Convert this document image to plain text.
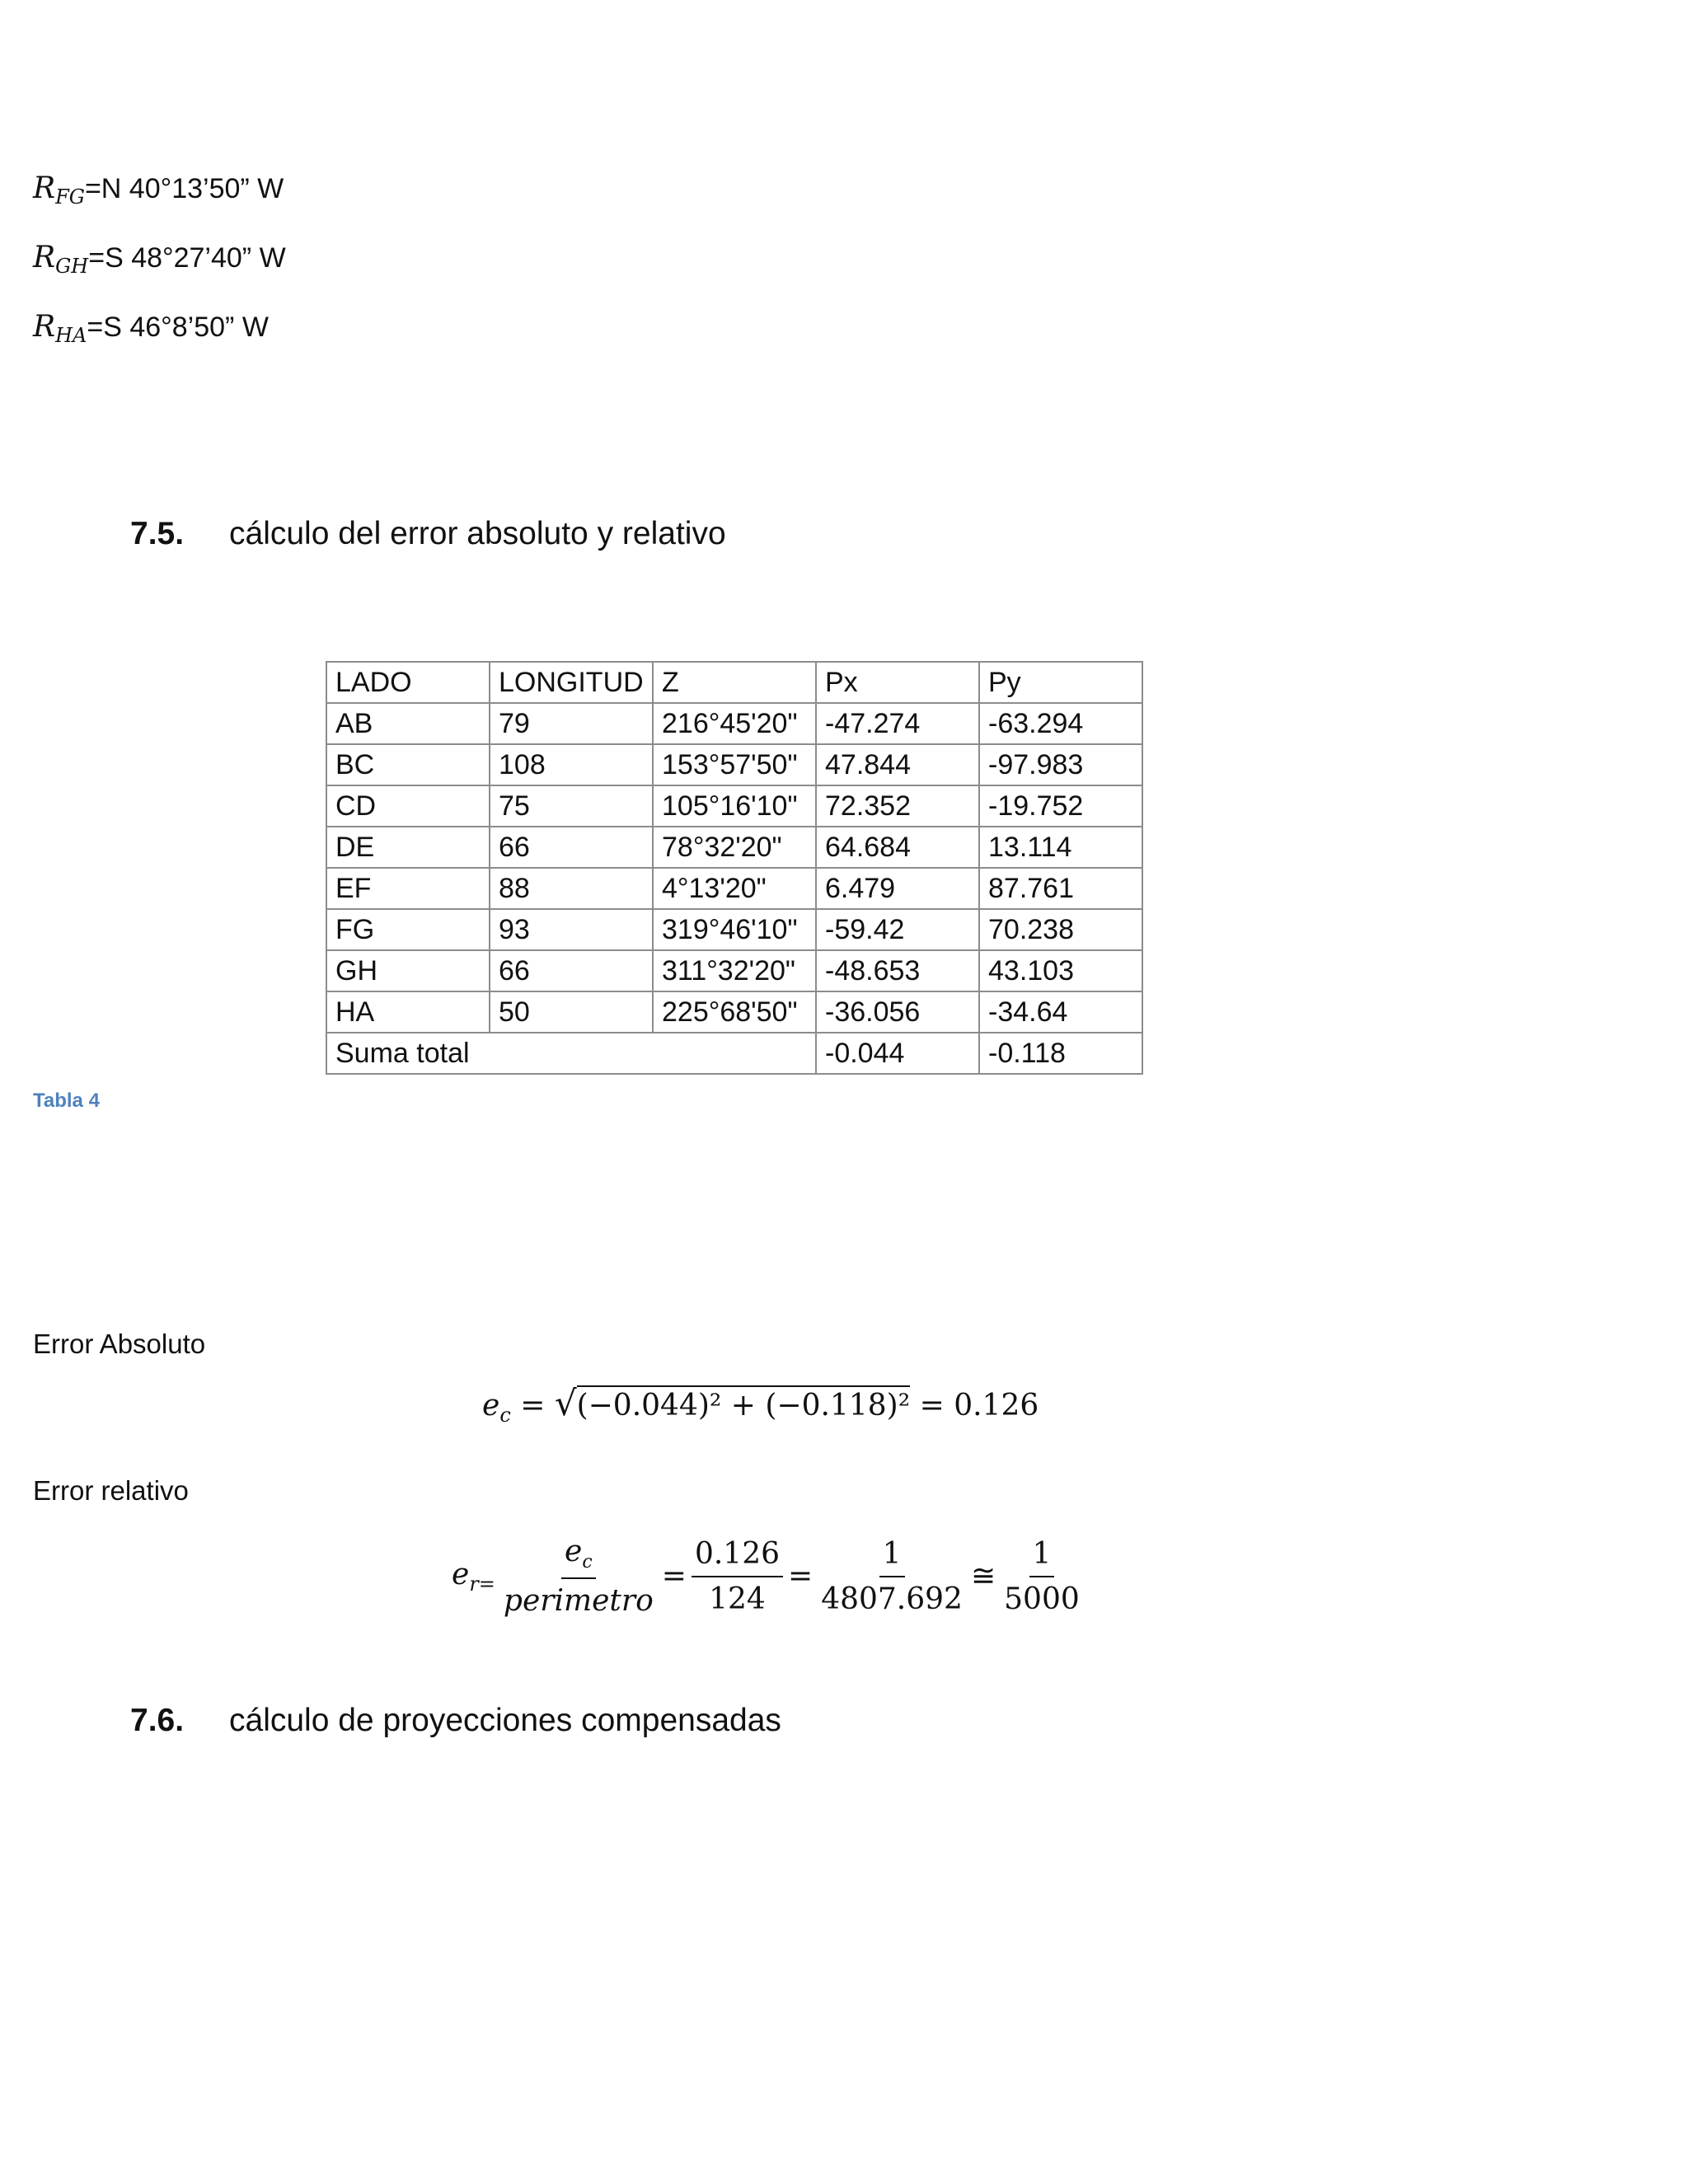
$R_{FG}=N$ 40°13’50” W
$R_{GH}=S$ 48°27’40” W
$R_{HA}=S$ 46°8’50” W
7.5. cálculo del error absoluto y relativo
LADO	LONGITUD	Z	Px	Py
AB	79	216°45'20"	-47.274	-63.294
BC	108	153°57'50"	47.844	-97.983
CD	75	105°16'10"	72.352	-19.752
DE	66	78°32'20"	64.684	13.114
EF	88	4°13'20"	6.479	87.761
FG	93	319°46'10"	-59.42	70.238
GH	66	311°32'20"	-48.653	43.103
HA	50	225°68'50"	-36.056	-34.64
Suma total			-0.044	-0.118
Tabla 4
Error Absoluto
$e_c = √(-0.044)^2 + (-0.118)^2 = 0.126$
Error relativo
$e_{r=} \frac{e_c}{\text{perimetro}} = \frac{0.126}{124} = \frac{1}{4807.692}$ ≅ $\frac{1}{5000}$
7.6. cálculo de proyecciones compensadas
